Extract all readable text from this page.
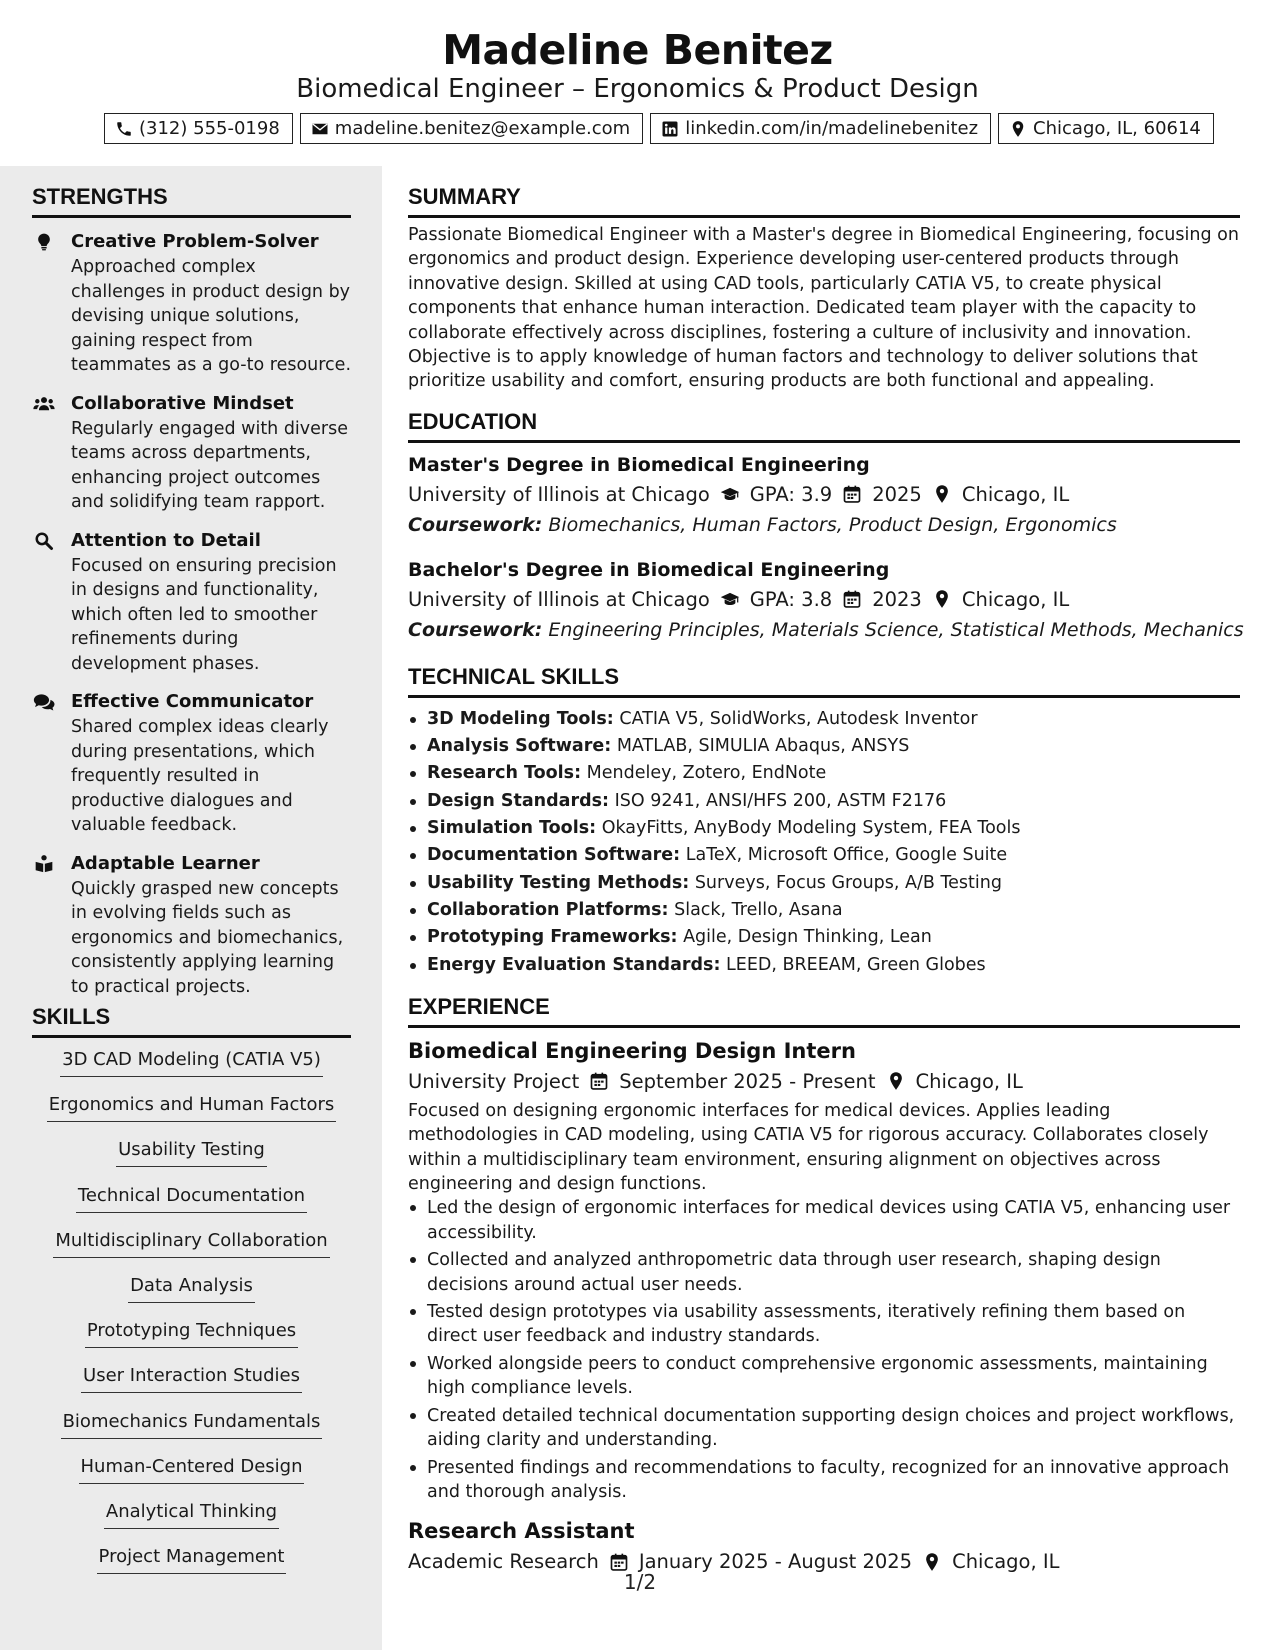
Madeline Benitez
Biomedical Engineer – Ergonomics & Product Design
(312) 555-0198	madeline.benitez@example.com	linkedin.com/in/madelinebenitez	Chicago, IL, 60614
STRENGTHS
Creative Problem-Solver
Approached complex challenges in product design by devising unique solutions, gaining respect from teammates as a go-to resource.
Collaborative Mindset
Regularly engaged with diverse teams across departments, enhancing project outcomes and solidifying team rapport.
Attention to Detail
Focused on ensuring precision in designs and functionality, which often led to smoother refinements during development phases.
Effective Communicator
Shared complex ideas clearly during presentations, which frequently resulted in productive dialogues and valuable feedback.
Adaptable Learner
Quickly grasped new concepts in evolving fields such as ergonomics and biomechanics, consistently applying learning to practical projects.
SKILLS
3D CAD Modeling (CATIA V5)
Ergonomics and Human Factors
Usability Testing
Technical Documentation
Multidisciplinary Collaboration
Data Analysis
Prototyping Techniques
User Interaction Studies
Biomechanics Fundamentals
Human-Centered Design
Analytical Thinking
Project Management
SUMMARY
Passionate Biomedical Engineer with a Master's degree in Biomedical Engineering, focusing on ergonomics and product design. Experience developing user-centered products through innovative design. Skilled at using CAD tools, particularly CATIA V5, to create physical components that enhance human interaction. Dedicated team player with the capacity to collaborate effectively across disciplines, fostering a culture of inclusivity and innovation. Objective is to apply knowledge of human factors and technology to deliver solutions that prioritize usability and comfort, ensuring products are both functional and appealing.
EDUCATION
Master's Degree in Biomedical Engineering
University of Illinois at Chicago GPA: 3.9 2025 Chicago, IL
Coursework: Biomechanics, Human Factors, Product Design, Ergonomics
Bachelor's Degree in Biomedical Engineering
University of Illinois at Chicago GPA: 3.8 2023 Chicago, IL
Coursework: Engineering Principles, Materials Science, Statistical Methods, Mechanics
TECHNICAL SKILLS
3D Modeling Tools: CATIA V5, SolidWorks, Autodesk Inventor
Analysis Software: MATLAB, SIMULIA Abaqus, ANSYS
Research Tools: Mendeley, Zotero, EndNote
Design Standards: ISO 9241, ANSI/HFS 200, ASTM F2176
Simulation Tools: OkayFitts, AnyBody Modeling System, FEA Tools
Documentation Software: LaTeX, Microsoft Office, Google Suite
Usability Testing Methods: Surveys, Focus Groups, A/B Testing
Collaboration Platforms: Slack, Trello, Asana
Prototyping Frameworks: Agile, Design Thinking, Lean
Energy Evaluation Standards: LEED, BREEAM, Green Globes
EXPERIENCE
Biomedical Engineering Design Intern
University Project September 2025 - Present Chicago, IL
Focused on designing ergonomic interfaces for medical devices. Applies leading methodologies in CAD modeling, using CATIA V5 for rigorous accuracy. Collaborates closely within a multidisciplinary team environment, ensuring alignment on objectives across engineering and design functions.
Led the design of ergonomic interfaces for medical devices using CATIA V5, enhancing user accessibility.
Collected and analyzed anthropometric data through user research, shaping design decisions around actual user needs.
Tested design prototypes via usability assessments, iteratively refining them based on direct user feedback and industry standards.
Worked alongside peers to conduct comprehensive ergonomic assessments, maintaining high compliance levels.
Created detailed technical documentation supporting design choices and project workflows, aiding clarity and understanding.
Presented findings and recommendations to faculty, recognized for an innovative approach and thorough analysis.
Research Assistant
Academic Research January 2025 - August 2025 Chicago, IL
1/2
